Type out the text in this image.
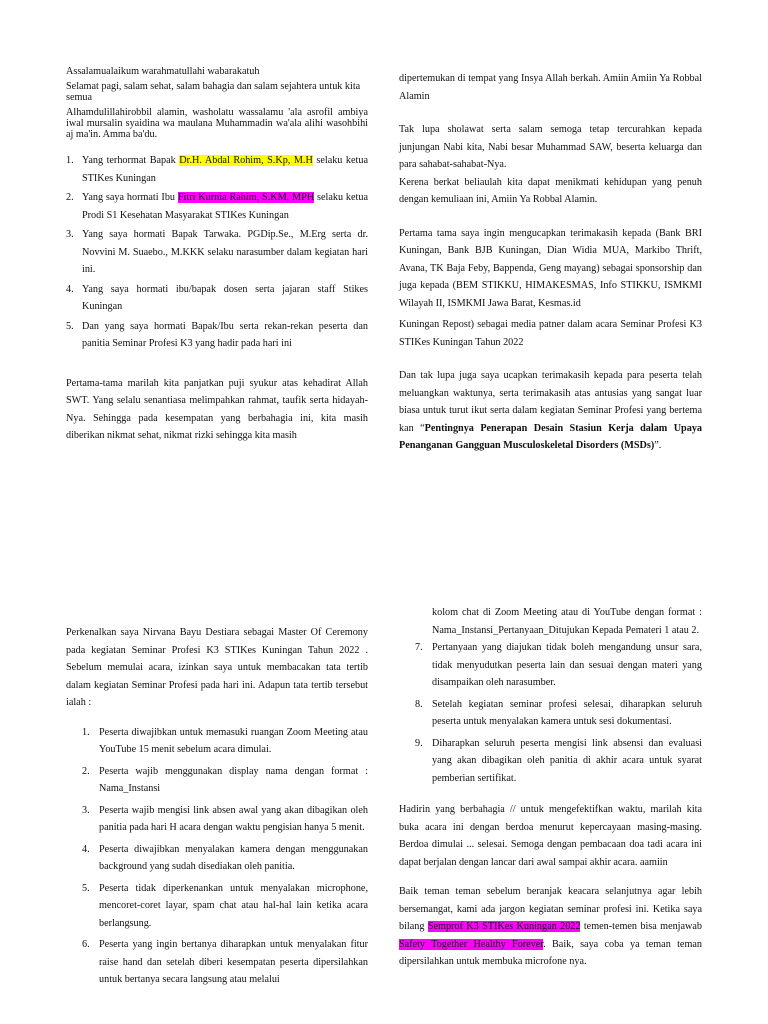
Assalamualaikum warahmatullahi wabarakatuh

Selamat pagi, salam sehat, salam bahagia dan salam sejahtera untuk kita semua

Alhamdulillahirobbil alamin, washolatu wassalamu 'ala asrofil ambiya iwal mursalin syaidina wa maulana Muhammadin wa'ala alihi wasohbihi aj ma'in. Amma ba'du.

1. Yang terhormat Bapak Dr.H. Abdal Rohim, S.Kp, M.H selaku ketua STIKes Kuningan
2. Yang saya hormati Ibu Fitri Kurnia Rahim, S.KM, MPH selaku ketua Prodi S1 Kesehatan Masyarakat STIKes Kuningan
3. Yang saya hormati Bapak Tarwaka. PGDip.Se., M.Erg serta dr. Novvini M. Suaebo., M.KKK selaku narasumber dalam kegiatan hari ini.
4. Yang saya hormati ibu/bapak dosen serta jajaran staff Stikes Kuningan
5. Dan yang saya hormati Bapak/Ibu serta rekan-rekan peserta dan panitia Seminar Profesi K3 yang hadir pada hari ini

Pertama-tama marilah kita panjatkan puji syukur atas kehadirat Allah SWT. Yang selalu senantiasa melimpahkan rahmat, taufik serta hidayah-Nya. Sehingga pada kesempatan yang berbahagia ini, kita masih diberikan nikmat sehat, nikmat rizki sehingga kita masih

dipertemukan di tempat yang Insya Allah berkah. Amiin Amiin Ya Robbal Alamin

Tak lupa sholawat serta salam semoga tetap tercurahkan kepada junjungan Nabi kita, Nabi besar Muhammad SAW, beserta keluarga dan para sahabat-sahabat-Nya.

Kerena berkat beliaulah kita dapat menikmati kehidupan yang penuh dengan kemuliaan ini, Amiin Ya Robbal Alamin.

Pertama tama saya ingin mengucapkan terimakasih kepada (Bank BRI Kuningan, Bank BJB Kuningan, Dian Widia MUA, Markibo Thrift, Avana, TK Baja Feby, Bappenda, Geng mayang) sebagai sponsorship dan juga kepada (BEM STIKKU, HIMAKESMAS, Info STIKKU, ISMKMI Wilayah II, ISMKMI Jawa Barat, Kesmas.id

Kuningan Repost) sebagai media patner dalam acara Seminar Profesi K3 STIKes Kuningan Tahun 2022

Dan tak lupa juga saya ucapkan terimakasih kepada para peserta telah meluangkan waktunya, serta terimakasih atas antusias yang sangat luar biasa untuk turut ikut serta dalam kegiatan Seminar Profesi yang bertema kan “Pentingnya Penerapan Desain Stasiun Kerja dalam Upaya Penanganan Gangguan Musculoskeletal Disorders (MSDs)”.

Perkenalkan saya Nirvana Bayu Destiara sebagai Master Of Ceremony pada kegiatan Seminar Profesi K3 STIKes Kuningan Tahun 2022 . Sebelum memulai acara, izinkan saya untuk membacakan tata tertib dalam kegiatan Seminar Profesi pada hari ini. Adapun tata tertib tersebut ialah :

1. Peserta diwajibkan untuk memasuki ruangan Zoom Meeting atau YouTube 15 menit sebelum acara dimulai.
2. Peserta wajib menggunakan display nama dengan format : Nama_Instansi
3. Peserta wajib mengisi link absen awal yang akan dibagikan oleh panitia pada hari H acara dengan waktu pengisian hanya 5 menit.
4. Peserta diwajibkan menyalakan kamera dengan menggunakan background yang sudah disediakan oleh panitia.
5. Peserta tidak diperkenankan untuk menyalakan microphone, mencoret-coret layar, spam chat atau hal-hal lain ketika acara berlangsung.
6. Peserta yang ingin bertanya diharapkan untuk menyalakan fitur raise hand dan setelah diberi kesempatan peserta dipersilahkan untuk bertanya secara langsung atau melalui

kolom chat di Zoom Meeting atau di YouTube dengan format : Nama_Instansi_Pertanyaan_Ditujukan Kepada Pemateri 1 atau 2.

7. Pertanyaan yang diajukan tidak boleh mengandung unsur sara, tidak menyudutkan peserta lain dan sesuai dengan materi yang disampaikan oleh narasumber.
8. Setelah kegiatan seminar profesi selesai, diharapkan seluruh peserta untuk menyalakan kamera untuk sesi dokumentasi.
9. Diharapkan seluruh peserta mengisi link absensi dan evaluasi yang akan dibagikan oleh panitia di akhir acara untuk syarat pemberian sertifikat.

Hadirin yang berbahagia // untuk mengefektifkan waktu, marilah kita buka acara ini dengan berdoa menurut kepercayaan masing-masing. Berdoa dimulai ... selesai. Semoga dengan pembacaan doa tadi acara ini dapat berjalan dengan lancar dari awal sampai akhir acara. aamiin

Baik teman teman sebelum beranjak keacara selanjutnya agar lebih bersemangat, kami ada jargon kegiatan seminar profesi ini. Ketika saya bilang Semprof K3 STIKes Kuningan 2022 temen-temen bisa menjawab Safety Together Healthy Forever. Baik, saya coba ya teman teman dipersilahkan untuk membuka microfone nya.
